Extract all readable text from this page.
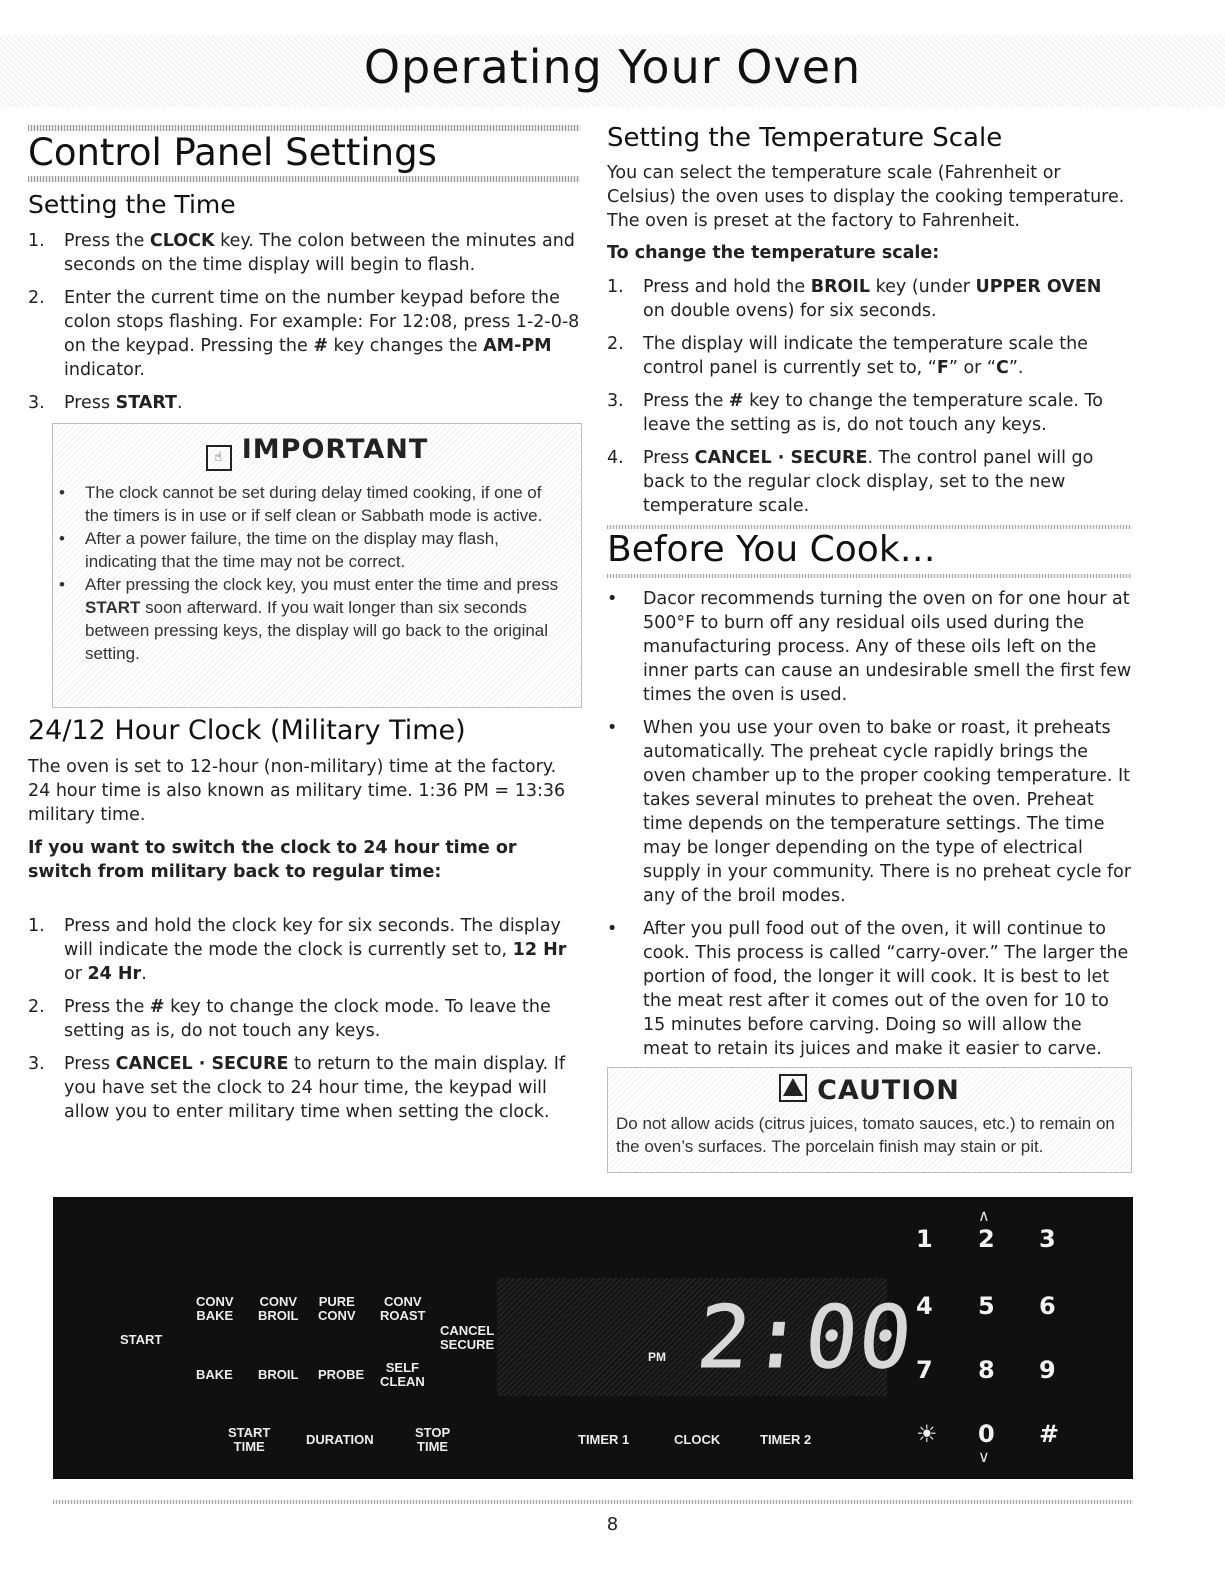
Operating Your Oven
Control Panel Settings
Setting the Time
1. Press the CLOCK key. The colon between the minutes and seconds on the time display will begin to flash.
2. Enter the current time on the number keypad before the colon stops flashing. For example: For 12:08, press 1-2-0-8 on the keypad. Pressing the # key changes the AM-PM indicator.
3. Press START.
☝ IMPORTANT
• The clock cannot be set during delay timed cooking, if one of the timers is in use or if self clean or Sabbath mode is active.
• After a power failure, the time on the display may flash, indicating that the time may not be correct.
• After pressing the clock key, you must enter the time and press START soon afterward. If you wait longer than six seconds between pressing keys, the display will go back to the original setting.
24/12 Hour Clock (Military Time)

The oven is set to 12-hour (non-military) time at the factory. 24 hour time is also known as military time. 1:36 PM = 13:36 military time.

If you want to switch the clock to 24 hour time or switch from military back to regular time:

1. Press and hold the clock key for six seconds. The display will indicate the mode the clock is currently set to, 12 Hr or 24 Hr.
2. Press the # key to change the clock mode. To leave the setting as is, do not touch any keys.
3. Press CANCEL · SECURE to return to the main display. If you have set the clock to 24 hour time, the keypad will allow you to enter military time when setting the clock.
Setting the Temperature Scale

You can select the temperature scale (Fahrenheit or Celsius) the oven uses to display the cooking temperature. The oven is preset at the factory to Fahrenheit.

To change the temperature scale:

1. Press and hold the BROIL key (under UPPER OVEN on double ovens) for six seconds.
2. The display will indicate the temperature scale the control panel is currently set to, “F” or “C”.
3. Press the # key to change the temperature scale. To leave the setting as is, do not touch any keys.
4. Press CANCEL · SECURE. The control panel will go back to the regular clock display, set to the new temperature scale.
Before You Cook…
• Dacor recommends turning the oven on for one hour at 500°F to burn off any residual oils used during the manufacturing process. Any of these oils left on the inner parts can cause an undesirable smell the first few times the oven is used.
• When you use your oven to bake or roast, it preheats automatically. The preheat cycle rapidly brings the oven chamber up to the proper cooking temperature. It takes several minutes to preheat the oven. Preheat time depends on the temperature settings. The time may be longer depending on the type of electrical supply in your community. There is no preheat cycle for any of the broil modes.
• After you pull food out of the oven, it will continue to cook. This process is called “carry-over.” The larger the portion of food, the longer it will cook. It is best to let the meat rest after it comes out of the oven for 10 to 15 minutes before carving. Doing so will allow the meat to retain its juices and make it easier to carve.
CAUTION
Do not allow acids (citrus juices, tomato sauces, etc.) to remain on the oven’s surfaces. The porcelain finish may stain or pit.
START
CONV
BAKE
CONV
BROIL
PURE
CONV
CONV
ROAST
BAKE BROIL PROBE	SELF
CLEAN
CANCEL
SECURE
START
TIME	DURATION	STOP
TIME	TIMER 1	CLOCK	TIMER 2
PM 2:00
1 2 3
4 5 6
7 8 9
☀ 0 #
∧
∨
8
